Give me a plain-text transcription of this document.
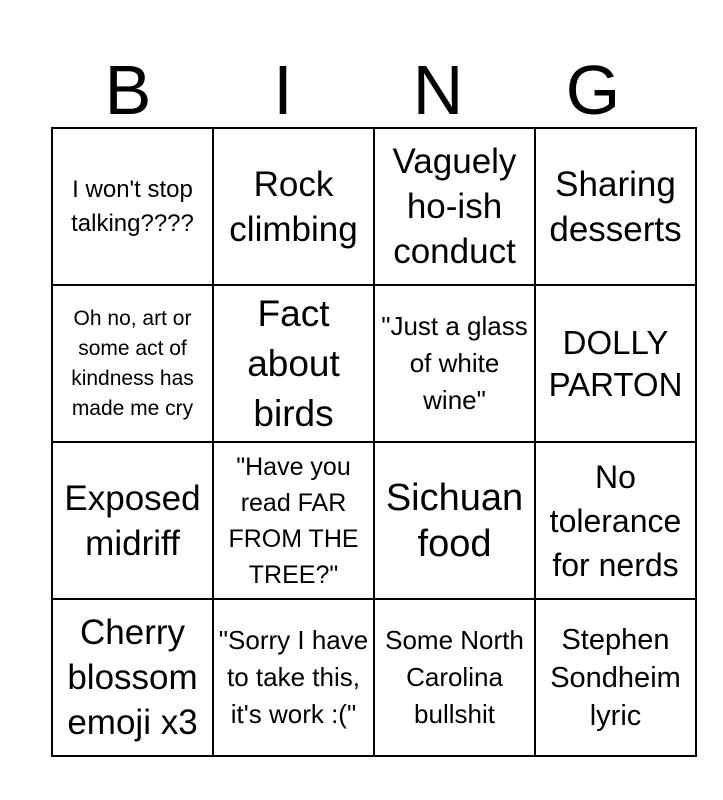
B	I	N	G
I won't stop talking????	Rock climbing	Vaguely ho-ish conduct	Sharing desserts

Oh no, art or some act of kindness has made me cry	Fact about birds	"Just a glass of white wine"	DOLLY PARTON

Exposed midriff	"Have you read FAR FROM THE TREE?"	Sichuan food	No tolerance for nerds

Cherry blossom emoji x3	"Sorry I have to take this, it's work :("	Some North Carolina bullshit	Stephen Sondheim lyric
